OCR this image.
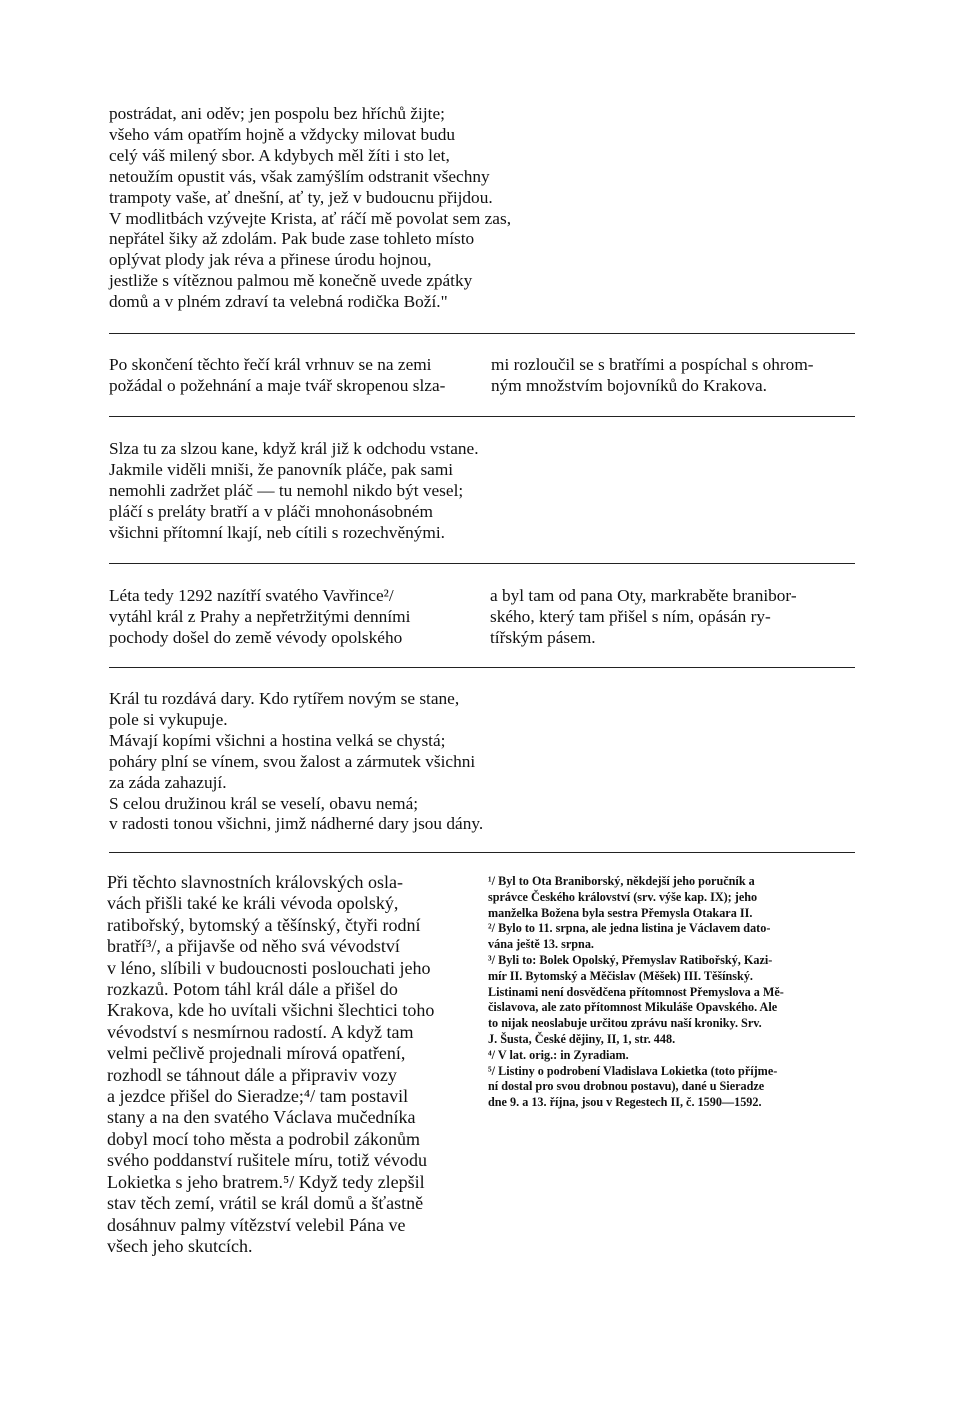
postrádat, ani oděv; jen pospolu bez hříchů žijte;
všeho vám opatřím hojně a vždycky milovat budu
celý váš milený sbor. A kdybych měl žíti i sto let,
netoužím opustit vás, však zamýšlím odstranit všechny
trampoty vaše, ať dnešní, ať ty, jež v budoucnu přijdou.
V modlitbách vzývejte Krista, ať ráčí mě povolat sem zas,
nepřátel šiky až zdolám. Pak bude zase tohleto místo
oplývat plody jak réva a přinese úrodu hojnou,
jestliže s vítěznou palmou mě konečně uvede zpátky
domů a v plném zdraví ta velebná rodička Boží."
Po skončení těchto řečí král vrhnuv se na zemi
požádal o požehnání a maje tvář skropenou slza-
mi rozloučil se s bratřími a pospíchal s ohrom-
ným množstvím bojovníků do Krakova.
Slza tu za slzou kane, když král již k odchodu vstane.
Jakmile viděli mniši, že panovník pláče, pak sami
nemohli zadržet pláč — tu nemohl nikdo být vesel;
pláčí s preláty bratří a v pláči mnohonásobném
všichni přítomní lkají, neb cítili s rozechvěnými.
Léta tedy 1292 nazítří svatého Vavřince²/
vytáhl král z Prahy a nepřetržitými denními
pochody došel do země vévody opolského
a byl tam od pana Oty, markraběte branibor-
ského, který tam přišel s ním, opásán ry-
tířským pásem.
Král tu rozdává dary. Kdo rytířem novým se stane,
pole si vykupuje.
Mávají kopími všichni a hostina velká se chystá;
poháry plní se vínem, svou žalost a zármutek všichni
za záda zahazují.
S celou družinou král se veselí, obavu nemá;
v radosti tonou všichni, jimž nádherné dary jsou dány.
Při těchto slavnostních královských osla-
vách přišli také ke králi vévoda opolský,
ratibořský, bytomský a těšínský, čtyři rodní
bratří³/, a přijavše od něho svá vévodství
v léno, slíbili v budoucnosti poslouchati jeho
rozkazů. Potom táhl král dále a přišel do
Krakova, kde ho uvítali všichni šlechtici toho
vévodství s nesmírnou radostí. A když tam
velmi pečlivě projednali mírová opatření,
rozhodl se táhnout dále a připraviv vozy
a jezdce přišel do Sieradze;⁴/ tam postavil
stany a na den svatého Václava mučedníka
dobyl mocí toho města a podrobil zákonům
svého poddanství rušitele míru, totiž vévodu
Lokietka s jeho bratrem.⁵/ Když tedy zlepšil
stav těch zemí, vrátil se král domů a šťastně
dosáhnuv palmy vítězství velebil Pána ve
všech jeho skutcích.
¹/ Byl to Ota Braniborský, někdejší jeho poručník a
správce Českého království (srv. výše kap. IX); jeho
manželka Božena byla sestra Přemysla Otakara II.
²/ Bylo to 11. srpna, ale jedna listina je Václavem dato-
vána ještě 13. srpna.
³/ Byli to: Bolek Opolský, Přemyslav Ratibořský, Kazi-
mír II. Bytomský a Měčislav (Měšek) III. Těšínský.
Listinami není dosvědčena přítomnost Přemyslova a Mě-
čislavova, ale zato přítomnost Mikuláše Opavského. Ale
to nijak neoslabuje určitou zprávu naší kroniky. Srv.
J. Šusta, České dějiny, II, 1, str. 448.
⁴/ V lat. orig.: in Zyradiam.
⁵/ Listiny o podrobení Vladislava Lokietka (toto příjme-
ní dostal pro svou drobnou postavu), dané u Sieradze
dne 9. a 13. října, jsou v Regestech II, č. 1590—1592.
